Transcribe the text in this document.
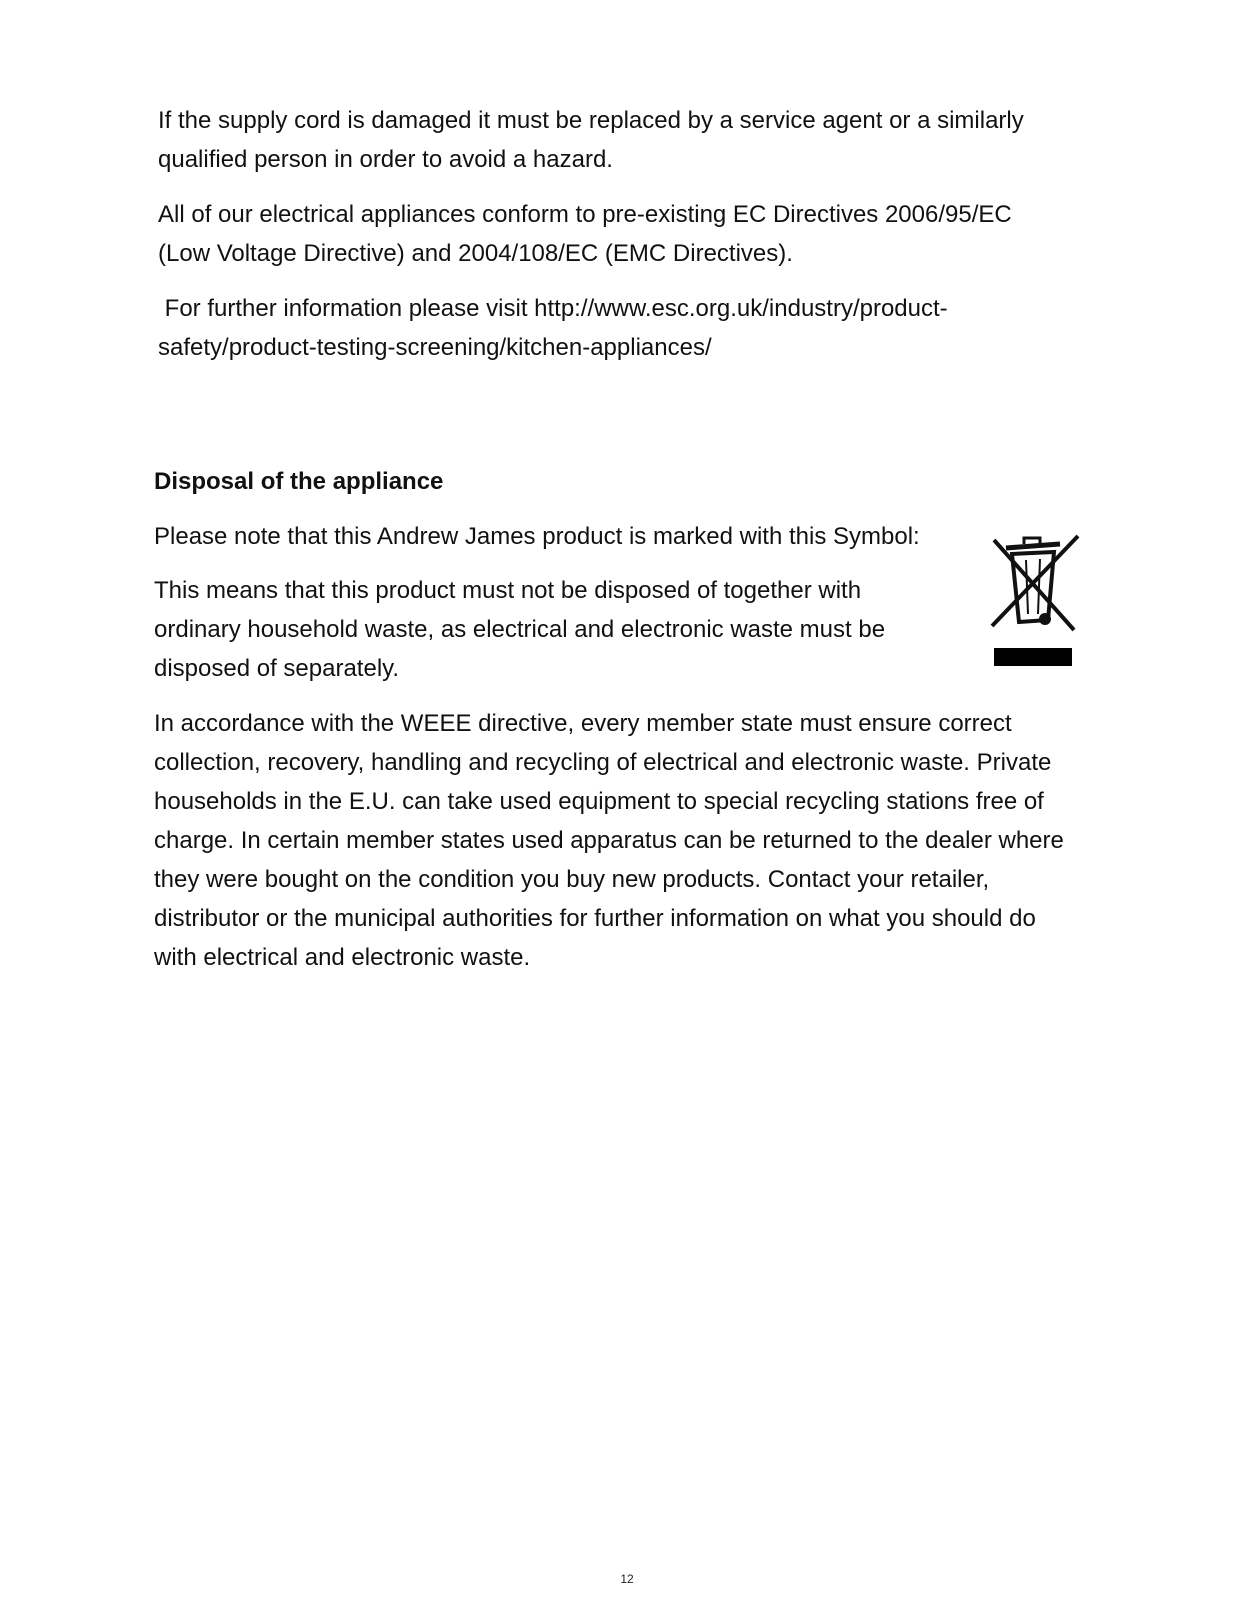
If the supply cord is damaged it must be replaced by a service agent or a similarly qualified person in order to avoid a hazard.

All of our electrical appliances conform to pre-existing EC Directives 2006/95/EC (Low Voltage Directive) and 2004/108/EC (EMC Directives).

For further information please visit http://www.esc.org.uk/industry/product-safety/product-testing-screening/kitchen-appliances/

Disposal of the appliance

Please note that this Andrew James product is marked with this Symbol:

This means that this product must not be disposed of together with ordinary household waste, as electrical and electronic waste must be disposed of separately.

In accordance with the WEEE directive, every member state must ensure correct collection, recovery, handling and recycling of electrical and electronic waste. Private households in the E.U. can take used equipment to special recycling stations free of charge. In certain member states used apparatus can be returned to the dealer where they were bought on the condition you buy new products. Contact your retailer, distributor or the municipal authorities for further information on what you should do with electrical and electronic waste.

12
